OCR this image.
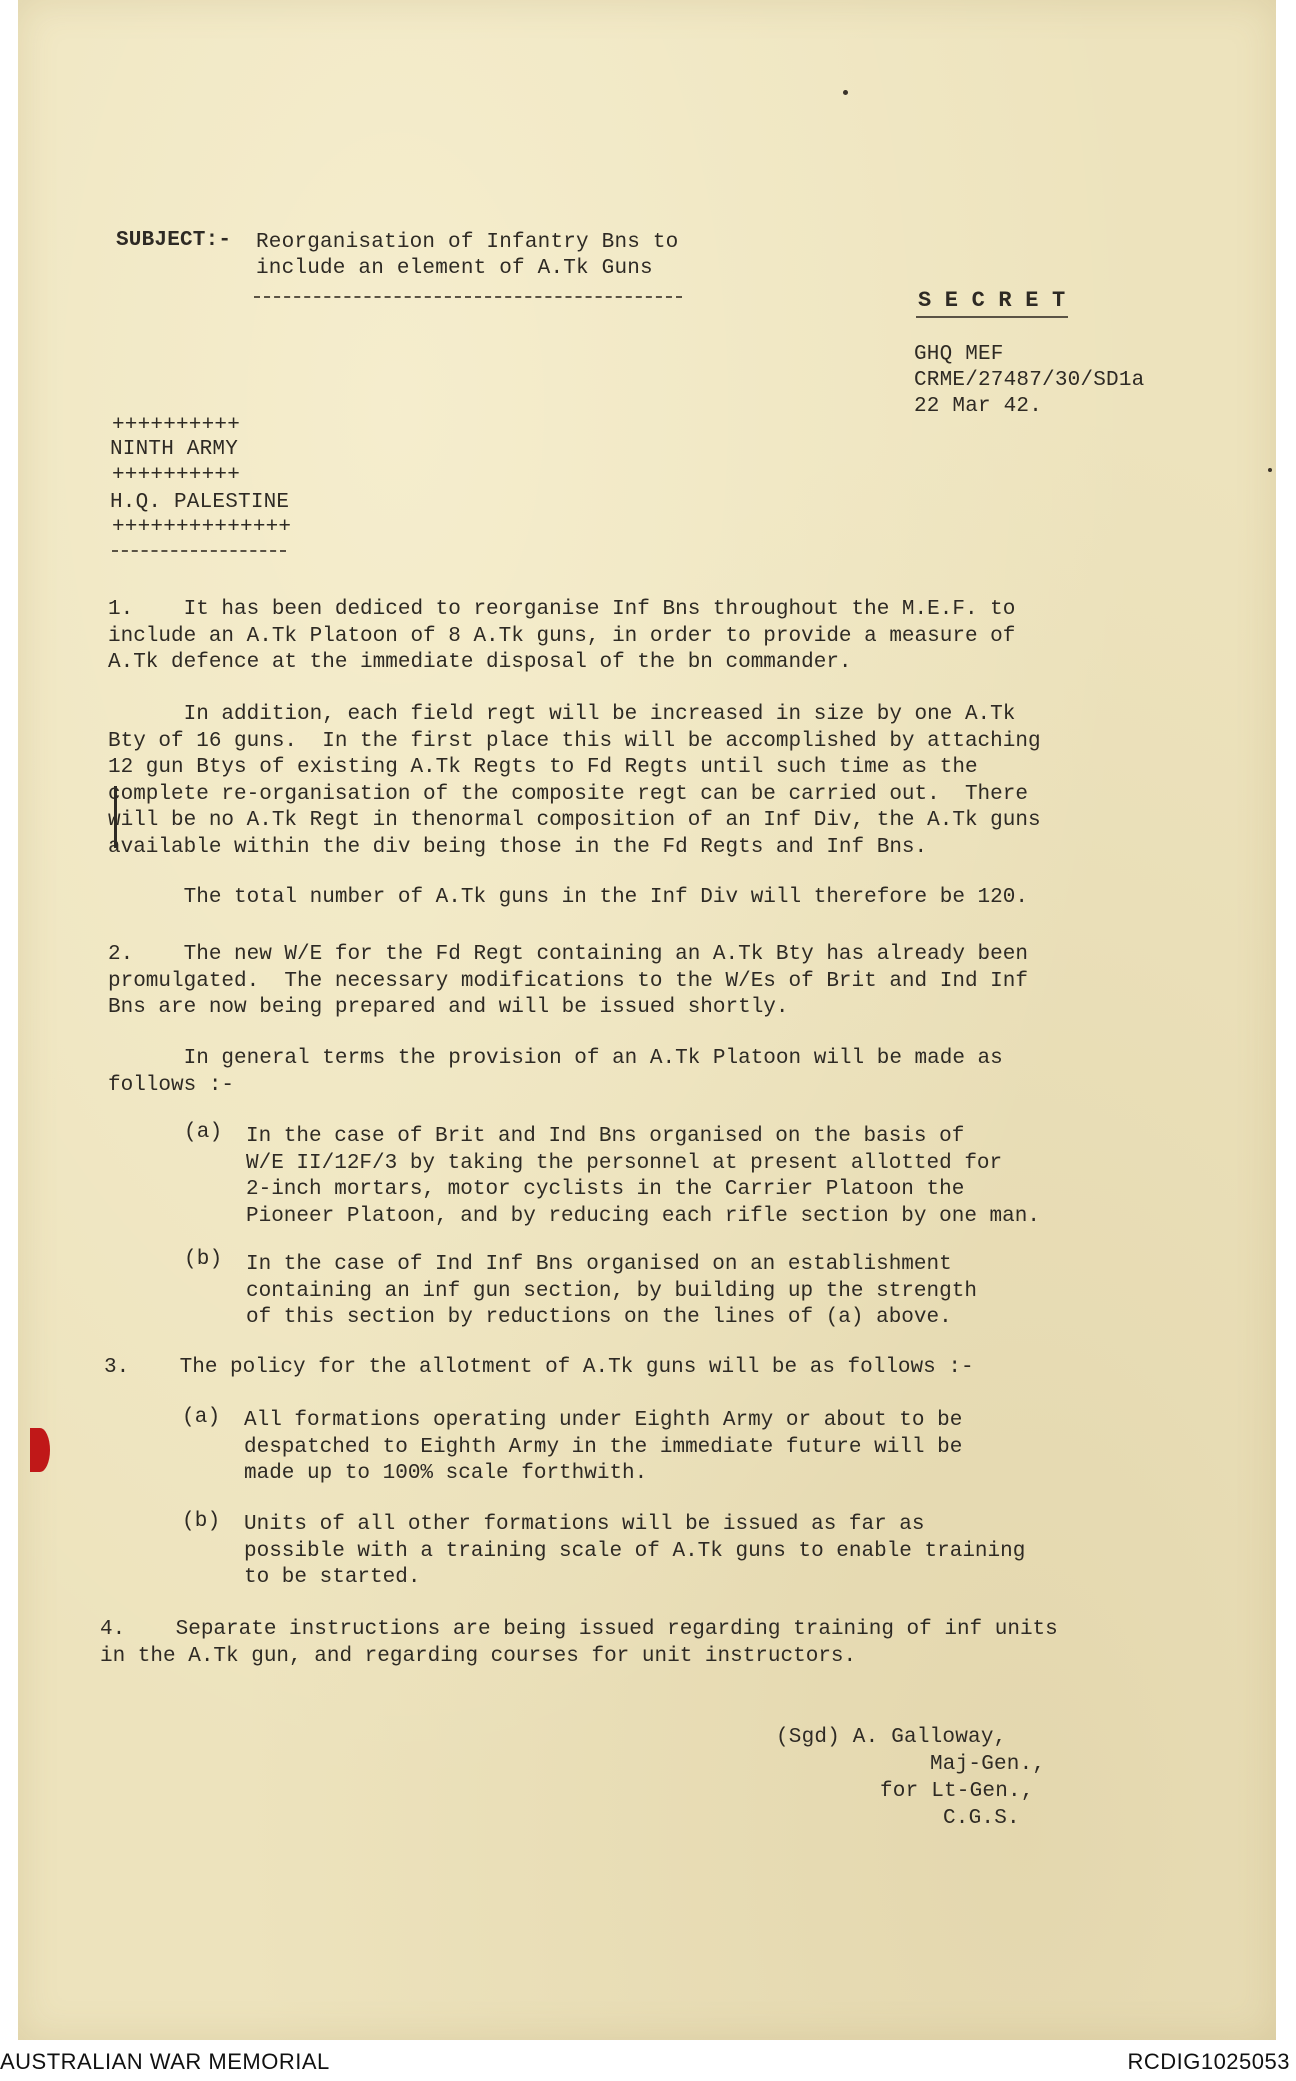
SUBJECT:- Reorganisation of Infantry Bns to
include an element of A.Tk Guns
S E C R E T
GHQ MEF
CRME/27487/30/SD1a
22 Mar 42.
++++++++++
NINTH ARMY
++++++++++
H.Q. PALESTINE
++++++++++++++
1.    It has been dediced to reorganise Inf Bns throughout the M.E.F. to
include an A.Tk Platoon of 8 A.Tk guns, in order to provide a measure of
A.Tk defence at the immediate disposal of the bn commander.
In addition, each field regt will be increased in size by one A.Tk
Bty of 16 guns.  In the first place this will be accomplished by attaching
12 gun Btys of existing A.Tk Regts to Fd Regts until such time as the
complete re-organisation of the composite regt can be carried out.  There
will be no A.Tk Regt in thenormal composition of an Inf Div, the A.Tk guns
available within the div being those in the Fd Regts and Inf Bns.
The total number of A.Tk guns in the Inf Div will therefore be 120.
2.    The new W/E for the Fd Regt containing an A.Tk Bty has already been
promulgated.  The necessary modifications to the W/Es of Brit and Ind Inf
Bns are now being prepared and will be issued shortly.
In general terms the provision of an A.Tk Platoon will be made as
follows :-
(a) In the case of Brit and Ind Bns organised on the basis of
W/E II/12F/3 by taking the personnel at present allotted for
2-inch mortars, motor cyclists in the Carrier Platoon the
Pioneer Platoon, and by reducing each rifle section by one man.
(b) In the case of Ind Inf Bns organised on an establishment
containing an inf gun section, by building up the strength
of this section by reductions on the lines of (a) above.
3.    The policy for the allotment of A.Tk guns will be as follows :-
(a) All formations operating under Eighth Army or about to be
despatched to Eighth Army in the immediate future will be
made up to 100% scale forthwith.
(b) Units of all other formations will be issued as far as
possible with a training scale of A.Tk guns to enable training
to be started.
4.    Separate instructions are being issued regarding training of inf units
in the A.Tk gun, and regarding courses for unit instructors.
(Sgd) A. Galloway,
Maj-Gen.,
for Lt-Gen.,
C.G.S.
AUSTRALIAN WAR MEMORIAL	RCDIG1025053
